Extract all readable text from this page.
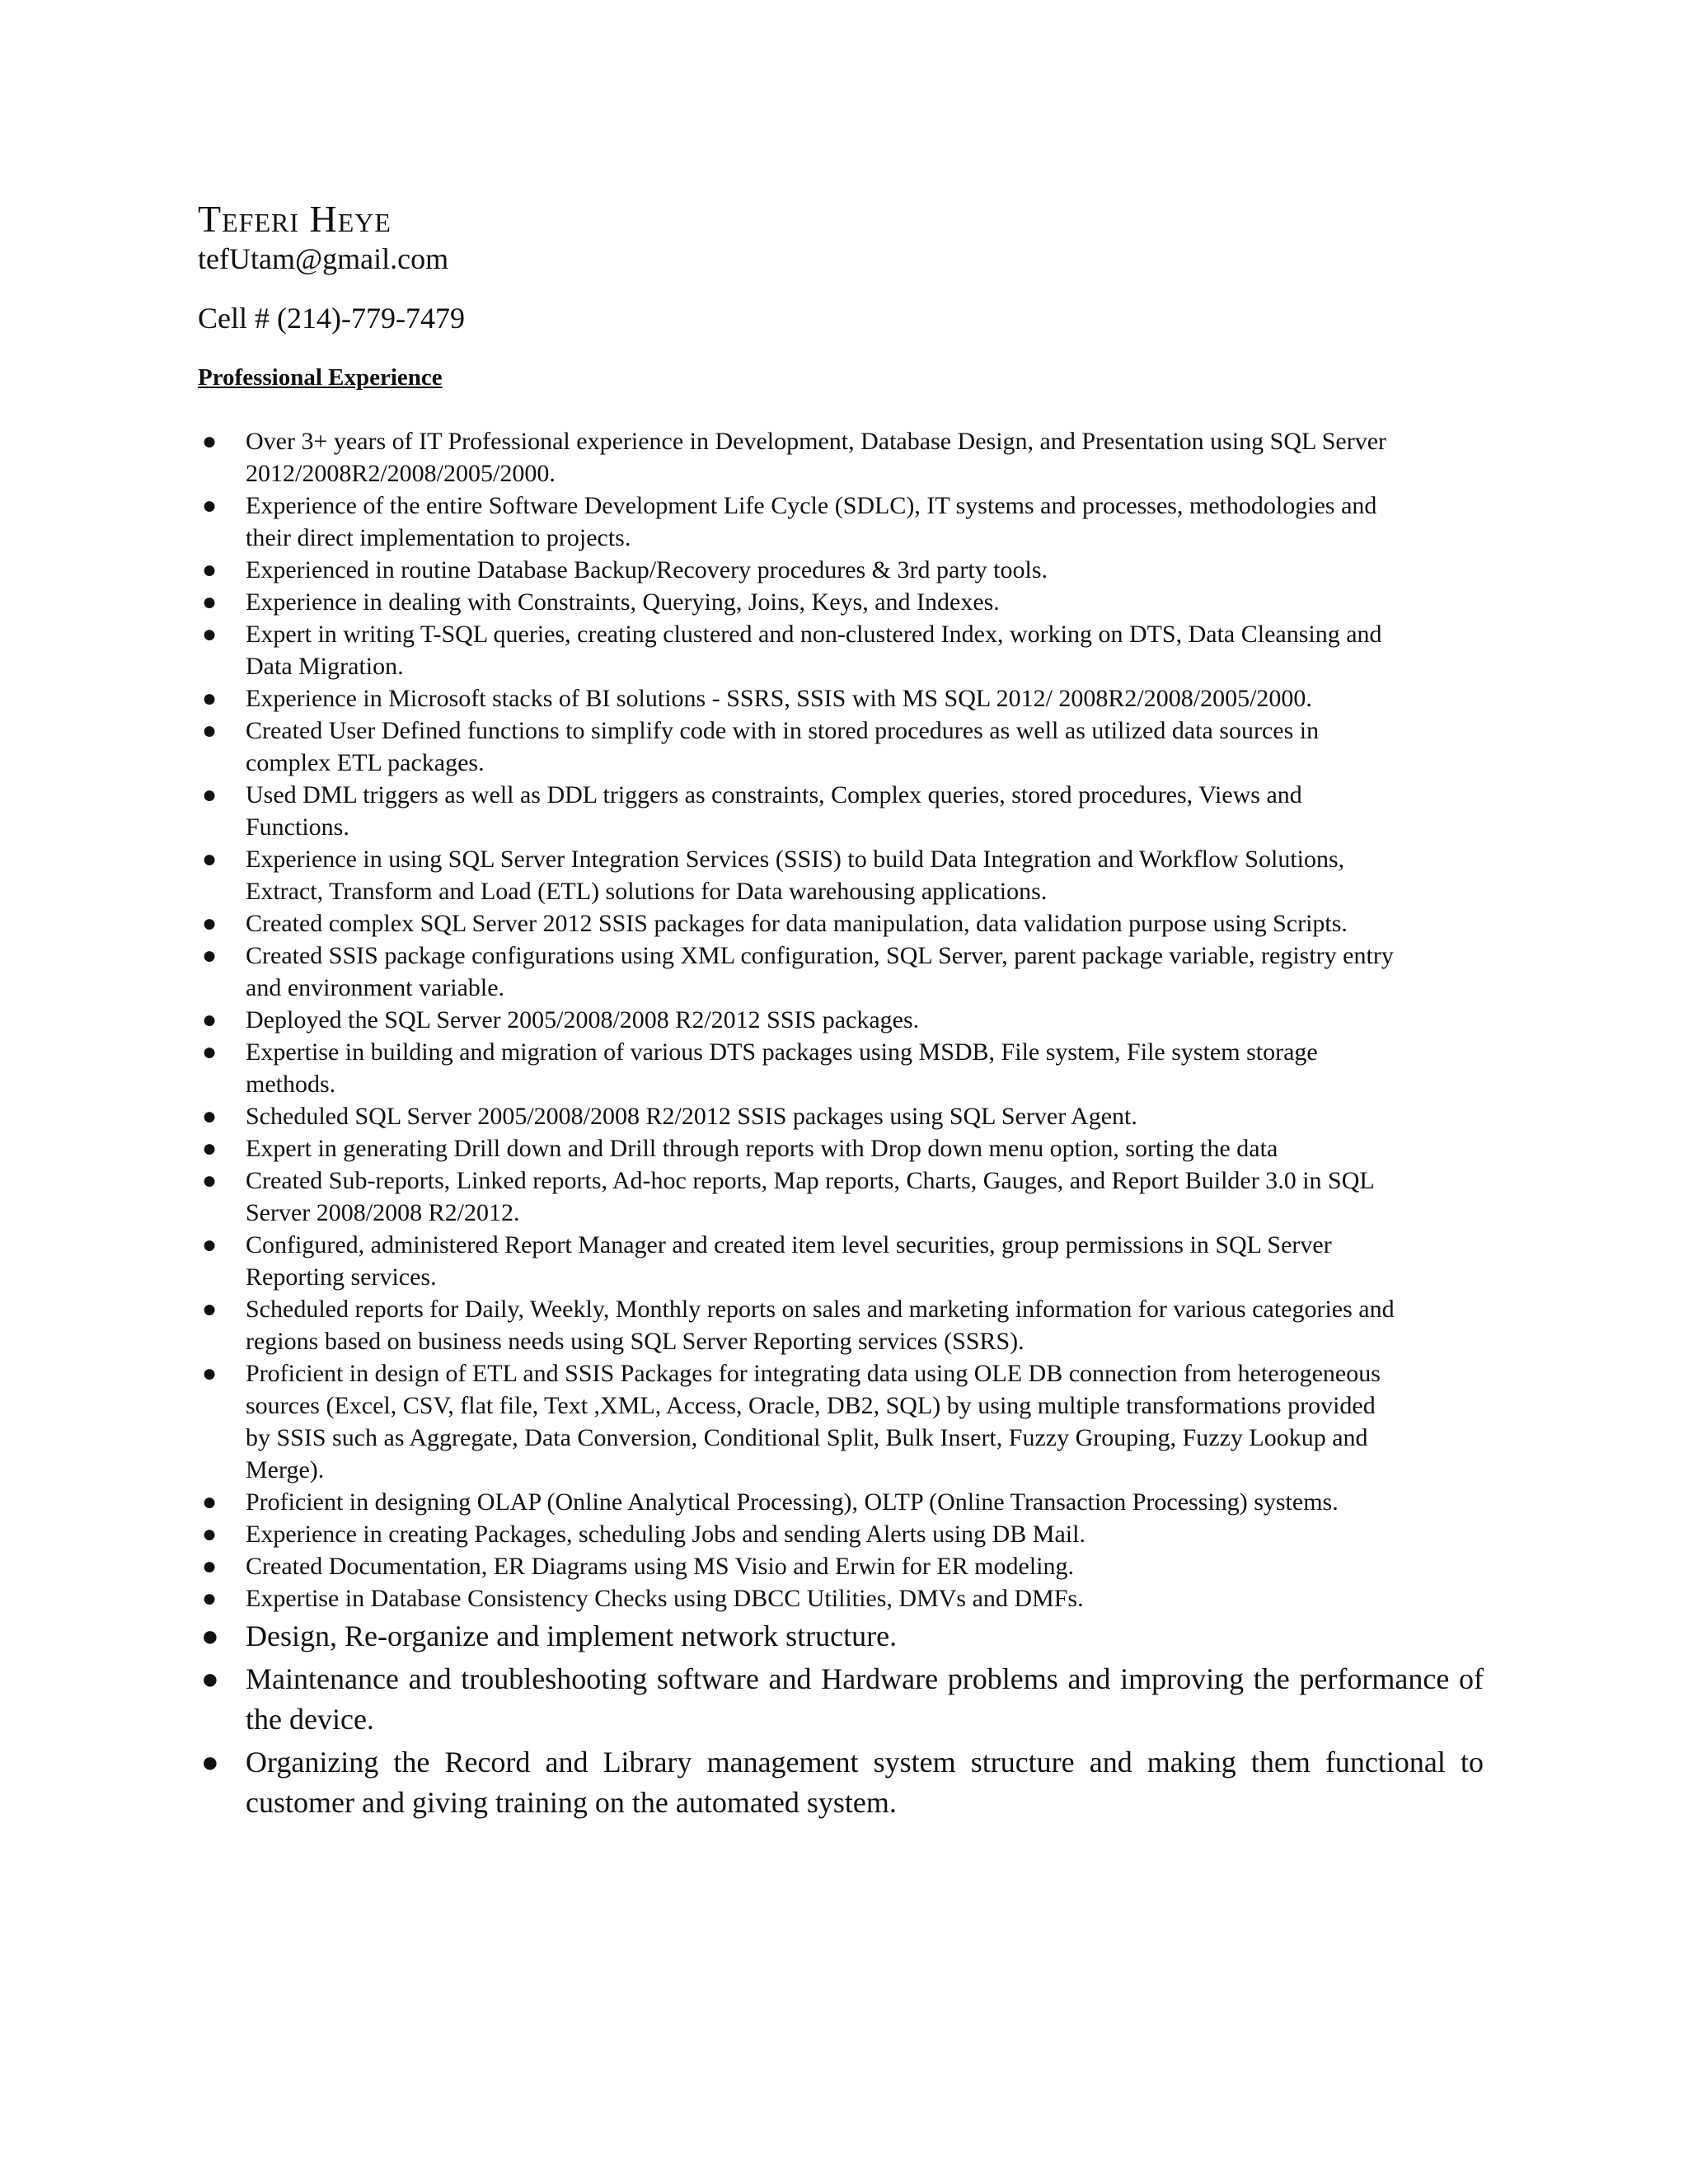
Teferi Heye
tefUtam@gmail.com
Cell # (214)-779-7479
Professional Experience
● Over 3+ years of IT Professional experience in Development, Database Design, and Presentation using SQL Server 2012/2008R2/2008/2005/2000.
● Experience of the entire Software Development Life Cycle (SDLC), IT systems and processes, methodologies and their direct implementation to projects.
● Experienced in routine Database Backup/Recovery procedures & 3rd party tools.
● Experience in dealing with Constraints, Querying, Joins, Keys, and Indexes.
● Expert in writing T-SQL queries, creating clustered and non-clustered Index, working on DTS, Data Cleansing and Data Migration.
● Experience in Microsoft stacks of BI solutions - SSRS, SSIS with MS SQL 2012/ 2008R2/2008/2005/2000.
● Created User Defined functions to simplify code with in stored procedures as well as utilized data sources in complex ETL packages.
● Used DML triggers as well as DDL triggers as constraints, Complex queries, stored procedures, Views and Functions.
● Experience in using SQL Server Integration Services (SSIS) to build Data Integration and Workflow Solutions, Extract, Transform and Load (ETL) solutions for Data warehousing applications.
● Created complex SQL Server 2012 SSIS packages for data manipulation, data validation purpose using Scripts.
● Created SSIS package configurations using XML configuration, SQL Server, parent package variable, registry entry and environment variable.
● Deployed the SQL Server 2005/2008/2008 R2/2012 SSIS packages.
● Expertise in building and migration of various DTS packages using MSDB, File system, File system storage methods.
● Scheduled SQL Server 2005/2008/2008 R2/2012 SSIS packages using SQL Server Agent.
● Expert in generating Drill down and Drill through reports with Drop down menu option, sorting the data
● Created Sub-reports, Linked reports, Ad-hoc reports, Map reports, Charts, Gauges, and Report Builder 3.0 in SQL Server 2008/2008 R2/2012.
● Configured, administered Report Manager and created item level securities, group permissions in SQL Server Reporting services.
● Scheduled reports for Daily, Weekly, Monthly reports on sales and marketing information for various categories and regions based on business needs using SQL Server Reporting services (SSRS).
● Proficient in design of ETL and SSIS Packages for integrating data using OLE DB connection from heterogeneous sources (Excel, CSV, flat file, Text ,XML, Access, Oracle, DB2, SQL) by using multiple transformations provided by SSIS such as Aggregate, Data Conversion, Conditional Split, Bulk Insert, Fuzzy Grouping, Fuzzy Lookup and Merge).
● Proficient in designing OLAP (Online Analytical Processing), OLTP (Online Transaction Processing) systems.
● Experience in creating Packages, scheduling Jobs and sending Alerts using DB Mail.
● Created Documentation, ER Diagrams using MS Visio and Erwin for ER modeling.
● Expertise in Database Consistency Checks using DBCC Utilities, DMVs and DMFs.
● Design, Re-organize and implement network structure.
● Maintenance and troubleshooting software and Hardware problems and improving the performance of the device.
● Organizing the Record and Library management system structure and making them functional to customer and giving training on the automated system.
